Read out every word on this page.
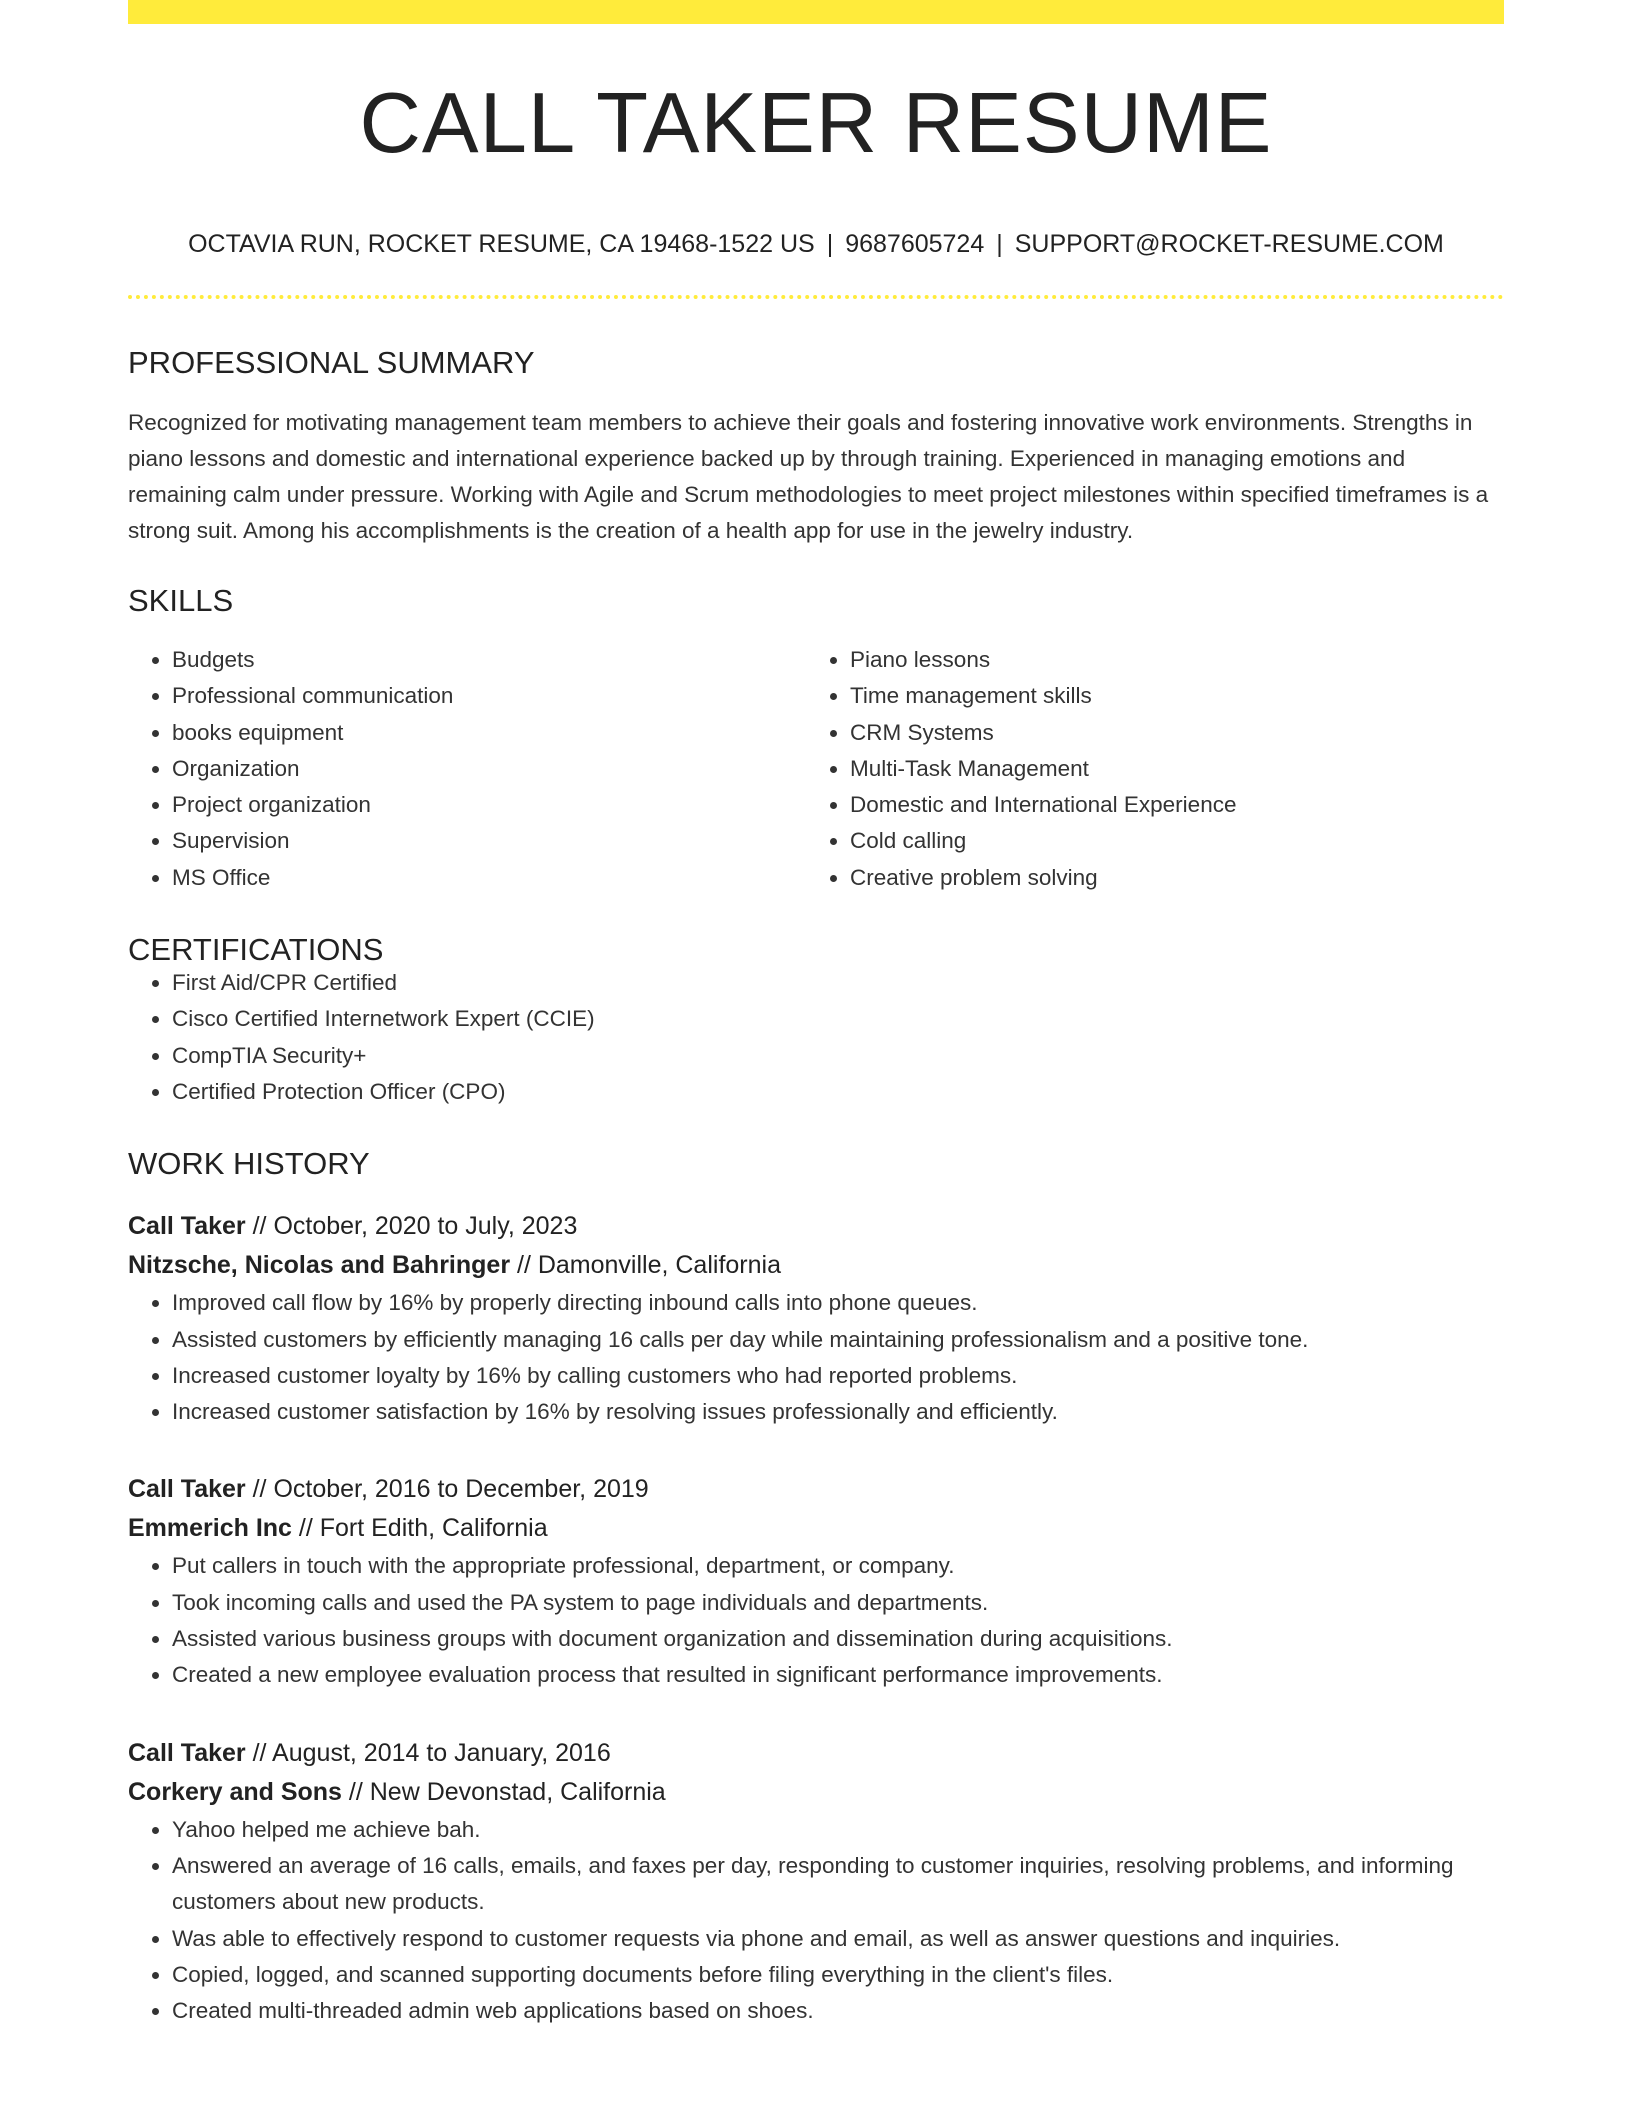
CALL TAKER RESUME
OCTAVIA RUN, ROCKET RESUME, CA 19468-1522 US | 9687605724 | SUPPORT@ROCKET-RESUME.COM
PROFESSIONAL SUMMARY

Recognized for motivating management team members to achieve their goals and fostering innovative work environments. Strengths in piano lessons and domestic and international experience backed up by through training. Experienced in managing emotions and remaining calm under pressure. Working with Agile and Scrum methodologies to meet project milestones within specified timeframes is a strong suit. Among his accomplishments is the creation of a health app for use in the jewelry industry.

SKILLS
• Budgets
• Professional communication
• books equipment
• Organization
• Project organization
• Supervision
• MS Office
• Piano lessons
• Time management skills
• CRM Systems
• Multi-Task Management
• Domestic and International Experience
• Cold calling
• Creative problem solving
CERTIFICATIONS
• First Aid/CPR Certified
• Cisco Certified Internetwork Expert (CCIE)
• CompTIA Security+
• Certified Protection Officer (CPO)
WORK HISTORY
Call Taker // October, 2020 to July, 2023
Nitzsche, Nicolas and Bahringer // Damonville, California
• Improved call flow by 16% by properly directing inbound calls into phone queues.
• Assisted customers by efficiently managing 16 calls per day while maintaining professionalism and a positive tone.
• Increased customer loyalty by 16% by calling customers who had reported problems.
• Increased customer satisfaction by 16% by resolving issues professionally and efficiently.
Call Taker // October, 2016 to December, 2019
Emmerich Inc // Fort Edith, California
• Put callers in touch with the appropriate professional, department, or company.
• Took incoming calls and used the PA system to page individuals and departments.
• Assisted various business groups with document organization and dissemination during acquisitions.
• Created a new employee evaluation process that resulted in significant performance improvements.
Call Taker // August, 2014 to January, 2016
Corkery and Sons // New Devonstad, California
• Yahoo helped me achieve bah.
• Answered an average of 16 calls, emails, and faxes per day, responding to customer inquiries, resolving problems, and informing customers about new products.
• Was able to effectively respond to customer requests via phone and email, as well as answer questions and inquiries.
• Copied, logged, and scanned supporting documents before filing everything in the client's files.
• Created multi-threaded admin web applications based on shoes.
